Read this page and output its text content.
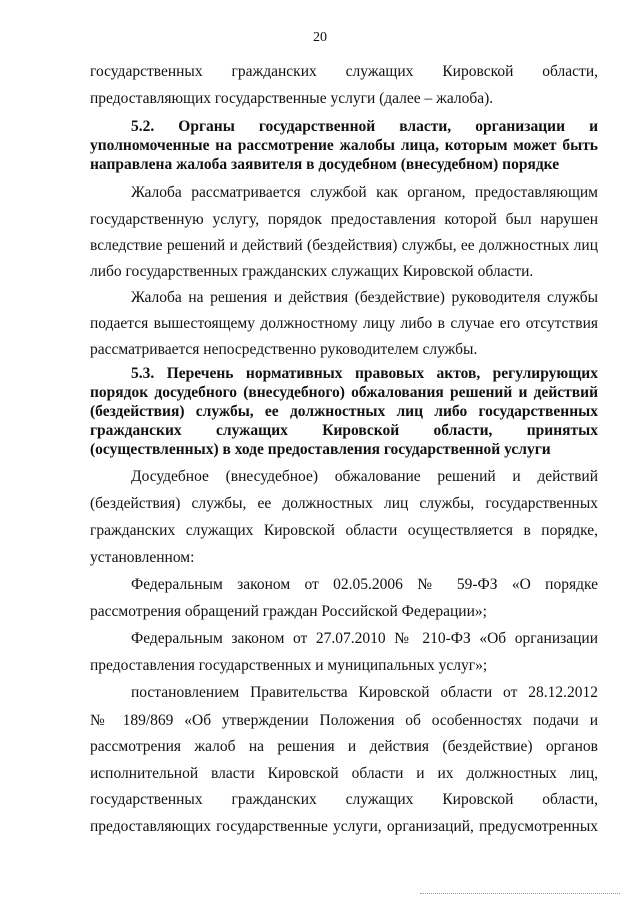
20
государственных гражданских служащих Кировской области,
предоставляющих государственные услуги (далее – жалоба).
5.2. Органы государственной власти, организации и
уполномоченные на рассмотрение жалобы лица, которым может быть
направлена жалоба заявителя в досудебном (внесудебном) порядке
Жалоба рассматривается службой как органом, предоставляющим
государственную услугу, порядок предоставления которой был нарушен
вследствие решений и действий (бездействия) службы, ее должностных лиц
либо государственных гражданских служащих Кировской области.
Жалоба на решения и действия (бездействие) руководителя службы
подается вышестоящему должностному лицу либо в случае его отсутствия
рассматривается непосредственно руководителем службы.
5.3. Перечень нормативных правовых актов, регулирующих
порядок досудебного (внесудебного) обжалования решений и действий
(бездействия) службы, ее должностных лиц либо государственных
гражданских служащих Кировской области, принятых
(осуществленных) в ходе предоставления государственной услуги
Досудебное (внесудебное) обжалование решений и действий
(бездействия) службы, ее должностных лиц службы, государственных
гражданских служащих Кировской области осуществляется в порядке,
установленном:
Федеральным законом от 02.05.2006 № 59-ФЗ «О порядке
рассмотрения обращений граждан Российской Федерации»;
Федеральным законом от 27.07.2010 № 210-ФЗ «Об организации
предоставления государственных и муниципальных услуг»;
постановлением Правительства Кировской области от 28.12.2012
№ 189/869 «Об утверждении Положения об особенностях подачи и
рассмотрения жалоб на решения и действия (бездействие) органов
исполнительной власти Кировской области и их должностных лиц,
государственных гражданских служащих Кировской области,
предоставляющих государственные услуги, организаций, предусмотренных
